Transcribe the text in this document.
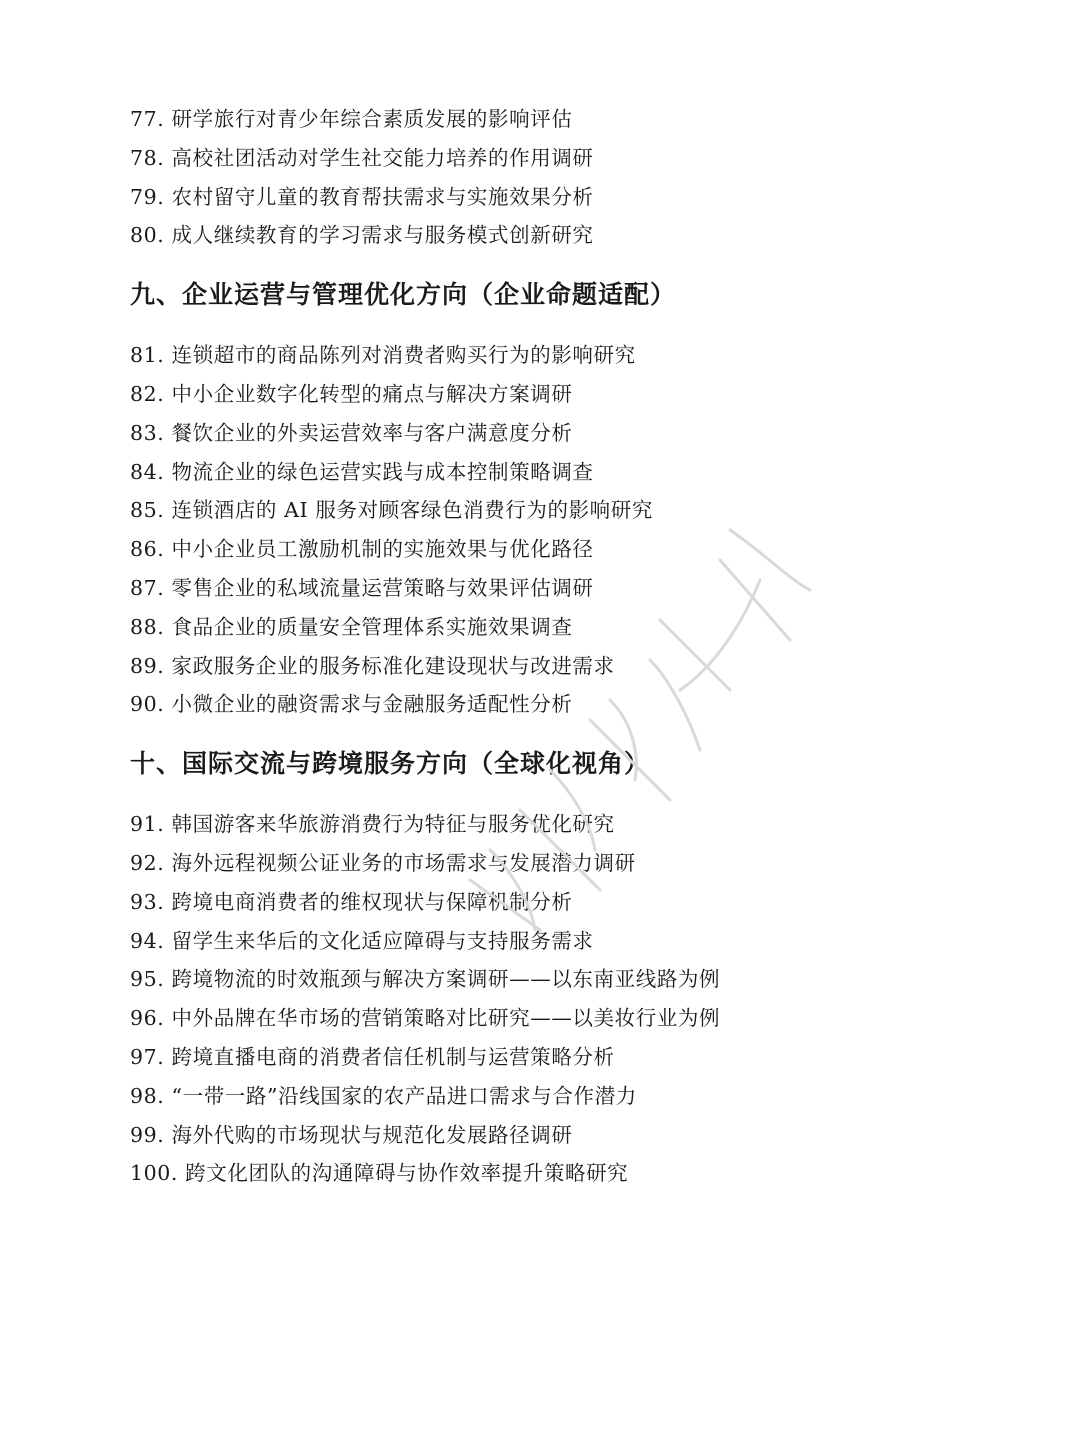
77. 研学旅行对青少年综合素质发展的影响评估
78. 高校社团活动对学生社交能力培养的作用调研
79. 农村留守儿童的教育帮扶需求与实施效果分析
80. 成人继续教育的学习需求与服务模式创新研究
九、企业运营与管理优化方向（企业命题适配）
81. 连锁超市的商品陈列对消费者购买行为的影响研究
82. 中小企业数字化转型的痛点与解决方案调研
83. 餐饮企业的外卖运营效率与客户满意度分析
84. 物流企业的绿色运营实践与成本控制策略调查
85. 连锁酒店的 AI 服务对顾客绿色消费行为的影响研究
86. 中小企业员工激励机制的实施效果与优化路径
87. 零售企业的私域流量运营策略与效果评估调研
88. 食品企业的质量安全管理体系实施效果调查
89. 家政服务企业的服务标准化建设现状与改进需求
90. 小微企业的融资需求与金融服务适配性分析
十、国际交流与跨境服务方向（全球化视角）
91. 韩国游客来华旅游消费行为特征与服务优化研究
92. 海外远程视频公证业务的市场需求与发展潜力调研
93. 跨境电商消费者的维权现状与保障机制分析
94. 留学生来华后的文化适应障碍与支持服务需求
95. 跨境物流的时效瓶颈与解决方案调研——以东南亚线路为例
96. 中外品牌在华市场的营销策略对比研究——以美妆行业为例
97. 跨境直播电商的消费者信任机制与运营策略分析
98. “一带一路”沿线国家的农产品进口需求与合作潜力
99. 海外代购的市场现状与规范化发展路径调研
100. 跨文化团队的沟通障碍与协作效率提升策略研究
